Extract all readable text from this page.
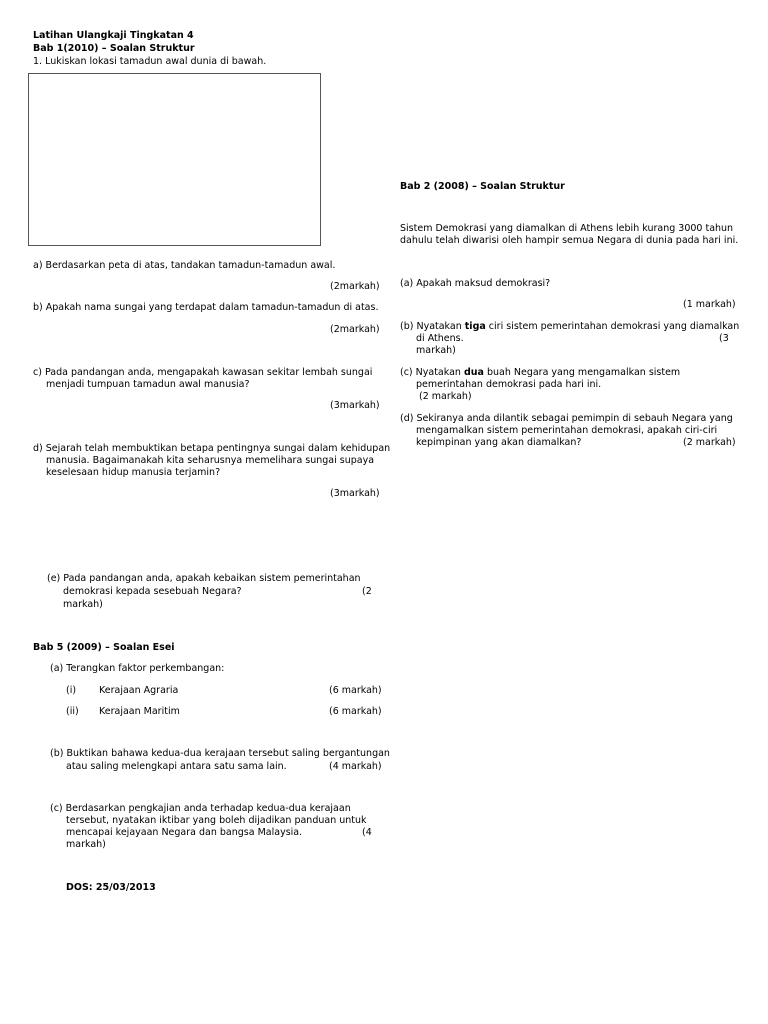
Latihan Ulangkaji Tingkatan 4
Bab 1(2010) – Soalan Struktur
1. Lukiskan lokasi tamadun awal dunia di bawah.
a) Berdasarkan peta di atas, tandakan tamadun-tamadun awal.
(2markah)
b) Apakah nama sungai yang terdapat dalam tamadun-tamadun di atas.
(2markah)
c) Pada pandangan anda, mengapakah kawasan sekitar lembah sungai
menjadi tumpuan tamadun awal manusia?
(3markah)
d) Sejarah telah membuktikan betapa pentingnya sungai dalam kehidupan
manusia. Bagaimanakah kita seharusnya memelihara sungai supaya
keselesaan hidup manusia terjamin?
(3markah)
(e) Pada pandangan anda, apakah kebaikan sistem pemerintahan
demokrasi kepada sesebuah Negara?	(2
markah)
Bab 5 (2009) – Soalan Esei
(a) Terangkan faktor perkembangan:
(i) Kerajaan Agraria	(6 markah)
(ii) Kerajaan Maritim	(6 markah)
(b) Buktikan bahawa kedua-dua kerajaan tersebut saling bergantungan
atau saling melengkapi antara satu sama lain.	(4 markah)
(c) Berdasarkan pengkajian anda terhadap kedua-dua kerajaan
tersebut, nyatakan iktibar yang boleh dijadikan panduan untuk
mencapai kejayaan Negara dan bangsa Malaysia.	(4
markah)
DOS: 25/03/2013
Bab 2 (2008) – Soalan Struktur
Sistem Demokrasi yang diamalkan di Athens lebih kurang 3000 tahun
dahulu telah diwarisi oleh hampir semua Negara di dunia pada hari ini.
(a) Apakah maksud demokrasi?
(1 markah)
(b) Nyatakan tiga ciri sistem pemerintahan demokrasi yang diamalkan
di Athens.	(3
markah)
(c) Nyatakan dua buah Negara yang mengamalkan sistem
pemerintahan demokrasi pada hari ini.
(2 markah)
(d) Sekiranya anda dilantik sebagai pemimpin di sebauh Negara yang
mengamalkan sistem pemerintahan demokrasi, apakah ciri-ciri
kepimpinan yang akan diamalkan?	(2 markah)
